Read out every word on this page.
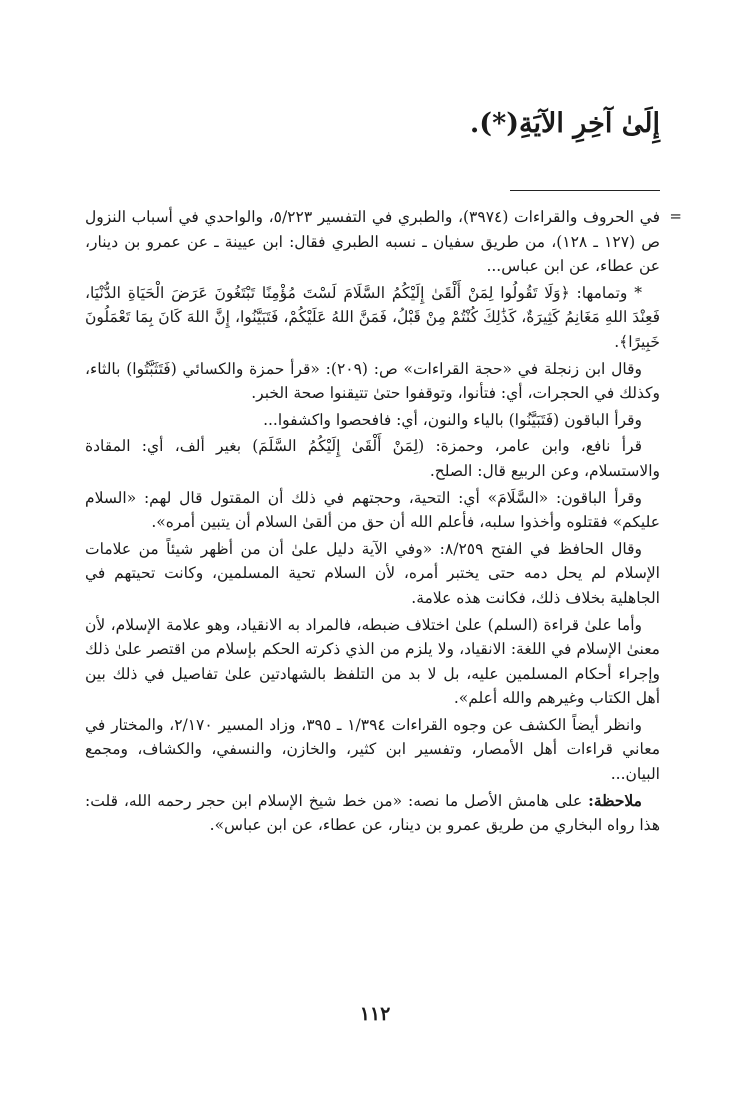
إِلَىٰ آخِرِ الآيَةِ(*).
=

في الحروف والقراءات (٣٩٧٤)، والطبري في التفسير ٥/٢٢٣، والواحدي في أسباب النزول ص (١٢٧ ـ ١٢٨)، من طريق سفيان ـ نسبه الطبري فقال: ابن عيينة ـ عن عمرو بن دينار، عن عطاء، عن ابن عباس...

* وتمامها: ﴿وَلَا تَقُولُوا لِمَنْ أَلْقَىٰ إِلَيْكُمُ السَّلَامَ لَسْتَ مُؤْمِنًا تَبْتَغُونَ عَرَضَ الْحَيَاةِ الدُّنْيَا، فَعِنْدَ اللهِ مَغَانِمُ كَثِيرَةٌ، كَذَٰلِكَ كُنْتُمْ مِنْ قَبْلُ، فَمَنَّ اللهُ عَلَيْكُمْ، فَتَبَيَّنُوا، إِنَّ اللهَ كَانَ بِمَا تَعْمَلُونَ خَبِيرًا﴾.

وقال ابن زنجلة في «حجة القراءات» ص: (٢٠٩): «قرأ حمزة والكسائي (فَتَثَبَّتُوا) بالثاء، وكذلك في الحجرات، أي: فتأنوا، وتوقفوا حتىٰ تتيقنوا صحة الخبر.

وقرأ الباقون (فَتَبَيَّنُوا) بالياء والنون، أي: فافحصوا واكشفوا...

قرأ نافع، وابن عامر، وحمزة: (لِمَنْ أَلْقَىٰ إِلَيْكُمُ السَّلَمَ) بغير ألف، أي: المقادة والاستسلام، وعن الربيع قال: الصلح.

وقرأ الباقون: «السَّلَامَ» أي: التحية، وحجتهم في ذلك أن المقتول قال لهم: «السلام عليكم» فقتلوه وأخذوا سلبه، فأعلم الله أن حق من ألقىٰ السلام أن يتبين أمره».

وقال الحافظ في الفتح ٨/٢٥٩: «وفي الآية دليل علىٰ أن من أظهر شيئاً من علامات الإسلام لم يحل دمه حتى يختبر أمره، لأن السلام تحية المسلمين، وكانت تحيتهم في الجاهلية بخلاف ذلك، فكانت هذه علامة.

وأما علىٰ قراءة (السلم) علىٰ اختلاف ضبطه، فالمراد به الانقياد، وهو علامة الإسلام، لأن معنىٰ الإسلام في اللغة: الانقياد، ولا يلزم من الذي ذكرته الحكم بإسلام من اقتصر علىٰ ذلك وإجراء أحكام المسلمين عليه، بل لا بد من التلفظ بالشهادتين علىٰ تفاصيل في ذلك بين أهل الكتاب وغيرهم والله أعلم».

وانظر أيضاً الكشف عن وجوه القراءات ١/٣٩٤ ـ ٣٩٥، وزاد المسير ٢/١٧٠، والمختار في معاني قراءات أهل الأمصار، وتفسير ابن كثير، والخازن، والنسفي، والكشاف، ومجمع البيان...

ملاحظة: على هامش الأصل ما نصه: «من خط شيخ الإسلام ابن حجر رحمه الله، قلت: هذا رواه البخاري من طريق عمرو بن دينار، عن عطاء، عن ابن عباس».

١١٢
